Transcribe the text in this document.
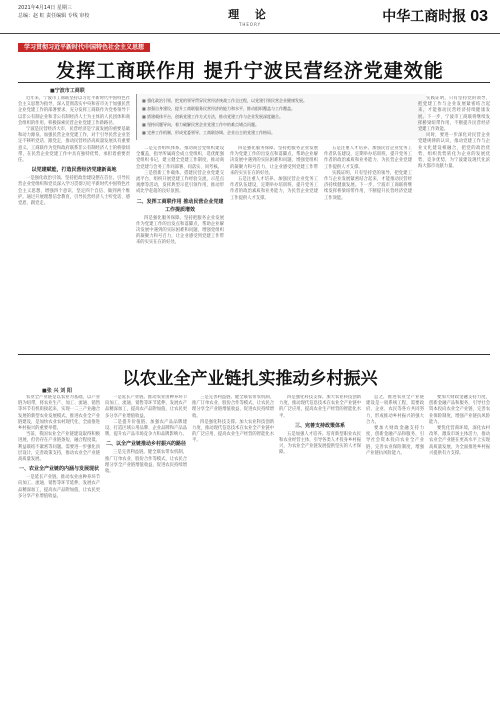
2021年4月14日 星期三
总编：赵 虹 责任编辑 专线 审校	理 论
THEORY	中华工商时报 03
学习贯彻习近平新时代中国特色社会主义思想
发挥工商联作用 提升宁波民营经济党建效能
■宁波市工商联
■ 强化政治引领，把党的领导贯穿民营经济统战工作全过程，以党建引领民营企业健康发展。
■ 加强自身建设，提升工商联服务民营经济的能力和水平，推动组织覆盖与工作覆盖。
■ 搭建载体平台，创新党建工作方式方法，推动党建工作与企业发展深度融合。
■ 坚持问题导向，着力破解民营企业党建工作中的难点堵点问题。
■ 完善工作机制，形成党委领导、工商联协调、企业自主的党建工作格局。

近年来，宁波市工商联坚持以习近平新时代中国特色社会主义思想为指导，深入贯彻落实中央和省市关于加强民营企业党建工作的部署要求，充分发挥工商联作为党委领导下以非公有制企业和非公有制经济人士为主体的人民团体和商会组织的作用，积极探索民营企业党建工作新路径。

宁波是民营经济大市，民营经济是宁波发展的重要基础和动力源泉。加强民营企业党建工作，对于引导民营企业坚定不移听党话、跟党走，推动民营经济高质量发展具有重要意义。工商联作为党和政府联系非公有制经济人士的桥梁纽带，在民营企业党建工作中具有独特优势，承担着重要责任。

以党建赋能，打造民营经济党建新高地

一是强化政治引领。坚持把政治建设摆在首位，引导民营企业党组织和党员深入学习贯彻习近平新时代中国特色社会主义思想，增强四个意识、坚定四个自信、做到两个维护。通过开展理想信念教育，引导民营经济人士听党话、感党恩、跟党走。

二是完善组织体系。推动商会党组织建设全覆盖，指导所属商会成立党组织，选优配强党组织书记，建立健全党建工作制度，推动商会党建与会务工作同部署、同落实、同考核。

三是创新工作载体。搭建民营企业党建交流平台，组织开展党建工作经验交流、示范点观摩等活动，发挥典型示范引领作用，推动形成比学赶超的良好氛围。

二、发挥工商联作用 推动民营企业党建工作提质增效

四是强化服务保障。坚持把服务企业发展作为党建工作的出发点和落脚点，帮助企业解决发展中遇到的实际困难和问题，增强党组织的凝聚力和号召力，让企业感受到党建工作带来的实实在在的好处。

四是强化服务保障。坚持把服务企业发展作为党建工作的出发点和落脚点，帮助企业解决发展中遇到的实际困难和问题，增强党组织的凝聚力和号召力，让企业感受到党建工作带来的实实在在的好处。

五是注重人才培养。加强民营企业党务工作者队伍建设，定期举办培训班，提升党务工作者的政治素质和业务能力，为民营企业党建工作提供人才支撑。

五是注重人才培养。加强民营企业党务工作者队伍建设，定期举办培训班，提升党务工作者的政治素质和业务能力，为民营企业党建工作提供人才支撑。

实践证明，只有坚持党的领导，把党建工作与企业发展紧密结合起来，才能推动民营经济持续健康发展。下一步，宁波市工商联将继续发挥桥梁纽带作用，不断提升民营经济党建工作效能。

实践证明，只有坚持党的领导，把党建工作与企业发展紧密结合起来，才能推动民营经济持续健康发展。下一步，宁波市工商联将继续发挥桥梁纽带作用，不断提升民营经济党建工作效能。

同时，要进一步深化对民营企业党建规律的认识，推动党建工作与企业文化建设相融合，把党的政治优势、组织优势转化为企业的发展优势、竞争优势，为宁波建设现代化滨海大都市贡献力量。

以农业全产业链扎实推动乡村振兴
■张 兴 刘 阳

农业全产业链是以农业为基础，以产业链为纽带，将农业生产、加工、流通、销售等环节有机衔接起来，实现一二三产业融合发展的新型农业发展模式。推进农业全产业链建设，是加快农业农村现代化、全面推进乡村振兴的重要举措。

当前，我国农业全产业链建设取得积极进展，但仍存在产业链条短、融合程度低、利益联结不紧密等问题。需要进一步强化顶层设计，完善政策支持，推动农业全产业链高质量发展。

一、农业全产业链的内涵与发展现状

一是延长产业链。推动农业由种养环节向加工、流通、销售等环节延伸，发展农产品精深加工，提高农产品附加值，让农民更多分享产业增值收益。

一是延长产业链。推动农业由种养环节向加工、流通、销售等环节延伸，发展农产品精深加工，提高农产品附加值，让农民更多分享产业增值收益。

二是提升价值链。加强农产品品牌建设，打造区域公用品牌、企业品牌和产品品牌，提升农产品市场竞争力和品牌影响力。

二、以全产业链推动乡村振兴的路径

三是完善利益链。健全联农带农机制，推广订单农业、股份合作等模式，让农民合理分享全产业链增值收益，促进农民持续增收。

三是完善利益链。健全联农带农机制，推广订单农业、股份合作等模式，让农民合理分享全产业链增值收益，促进农民持续增收。

四是强化科技支撑。加大农业科技创新力度，推动现代信息技术在农业全产业链中的广泛应用，提高农业生产经营的智能化水平。

四是强化科技支撑。加大农业科技创新力度，推动现代信息技术在农业全产业链中的广泛应用，提高农业生产经营的智能化水平。

三、完善支持政策体系

五是加强人才培养。培育新型职业农民和农业经营主体，引导各类人才投身乡村振兴，为农业全产业链发展提供坚实的人才保障。

总之，推进农业全产业链建设是一项系统工程，需要政府、企业、农民等各方共同努力，形成推动乡村振兴的强大合力。

要加大财政金融支持力度，创新金融产品和服务，引导社会资本投向农业全产业链，完善农业保险制度，增强产业链抗风险能力。

要加大财政金融支持力度，创新金融产品和服务，引导社会资本投向农业全产业链，完善农业保险制度，增强产业链抗风险能力。

要优化营商环境，深化农村改革，激发市场主体活力，推动农业全产业链在更高水平上实现高质量发展，为全面推进乡村振兴提供有力支撑。
